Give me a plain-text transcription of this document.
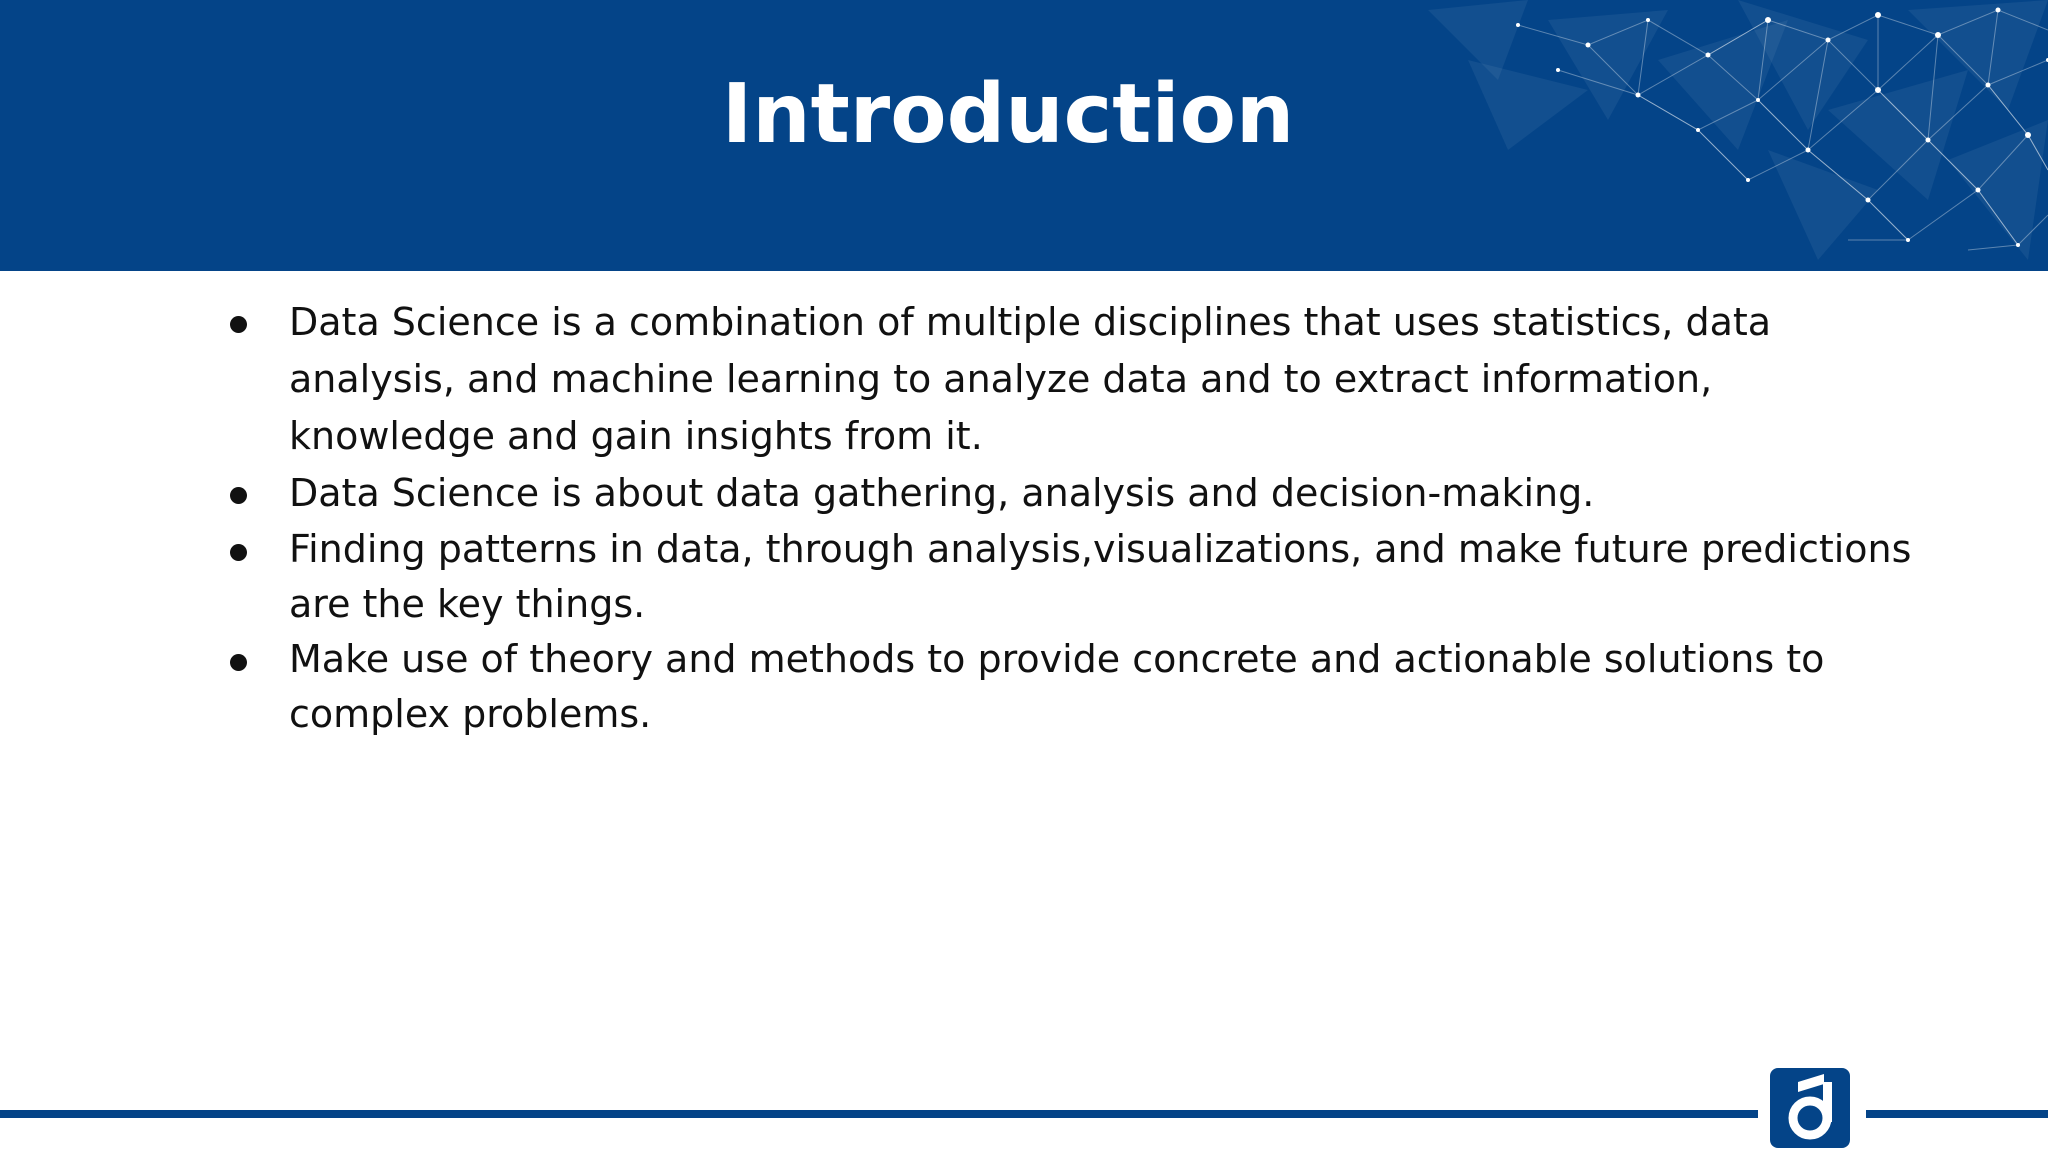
Introduction
Data Science is a combination of multiple disciplines that uses statistics, data analysis, and machine learning to analyze data and to extract information, knowledge and gain insights from it.
Data Science is about data gathering, analysis and decision-making.
Finding patterns in data, through analysis,visualizations, and make future predictions are the key things.
Make use of theory and methods to provide concrete and actionable solutions to complex problems.
